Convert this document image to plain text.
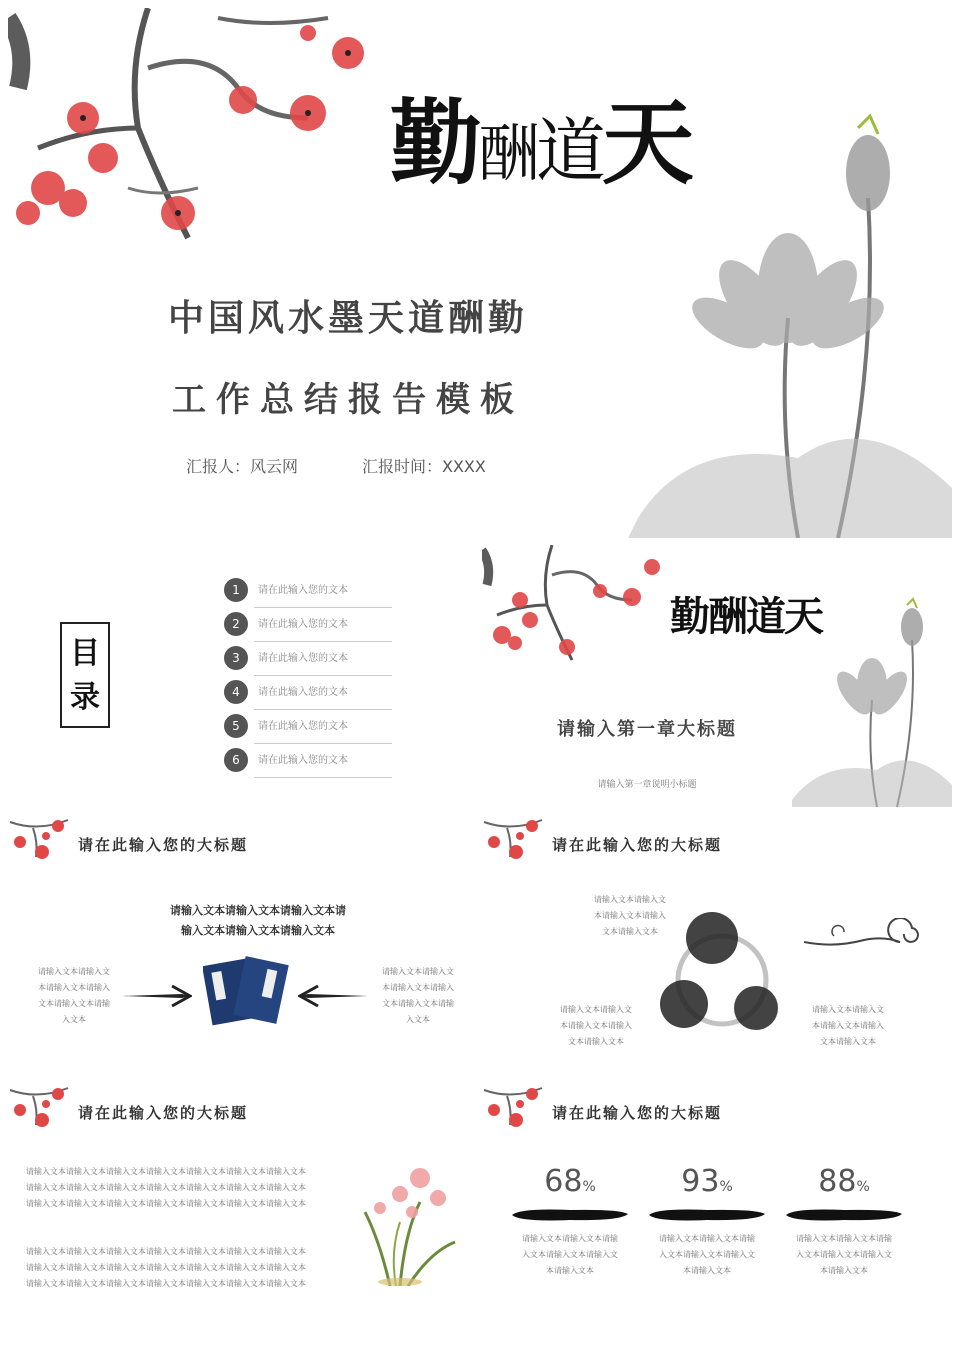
勤酬道天
中国风水墨天道酬勤
工作总结报告模板
汇报人：风云网	汇报时间：XXXX
目录
1	请在此输入您的文本
2	请在此输入您的文本
3	请在此输入您的文本
4	请在此输入您的文本
5	请在此输入您的文本
6	请在此输入您的文本
勤酬道天
请输入第一章大标题
请输入第一章说明小标题
请在此输入您的大标题
请输入文本请输入文本请输入文本请
输入文本请输入文本请输入文本
请输入文本请输入文
本请输入文本请输入
文本请输入文本请输
入文本
请输入文本请输入文
本请输入文本请输入
文本请输入文本请输
入文本
请在此输入您的大标题
请输入文本请输入文
本请输入文本请输入
文本请输入文本
请输入文本请输入文
本请输入文本请输入
文本请输入文本
请输入文本请输入文
本请输入文本请输入
文本请输入文本
请在此输入您的大标题
请输入文本请输入文本请输入文本请输入文本请输入文本请输入文本请输入文本
请输入文本请输入文本请输入文本请输入文本请输入文本请输入文本请输入文本
请输入文本请输入文本请输入文本请输入文本请输入文本请输入文本请输入文本
请输入文本请输入文本请输入文本请输入文本请输入文本请输入文本请输入文本
请输入文本请输入文本请输入文本请输入文本请输入文本请输入文本请输入文本
请输入文本请输入文本请输入文本请输入文本请输入文本请输入文本请输入文本
请在此输入您的大标题
68%
请输入文本请输入文本请输
入文本请输入文本请输入文
本请输入文本
93%
请输入文本请输入文本请输
入文本请输入文本请输入文
本请输入文本
88%
请输入文本请输入文本请输
入文本请输入文本请输入文
本请输入文本
